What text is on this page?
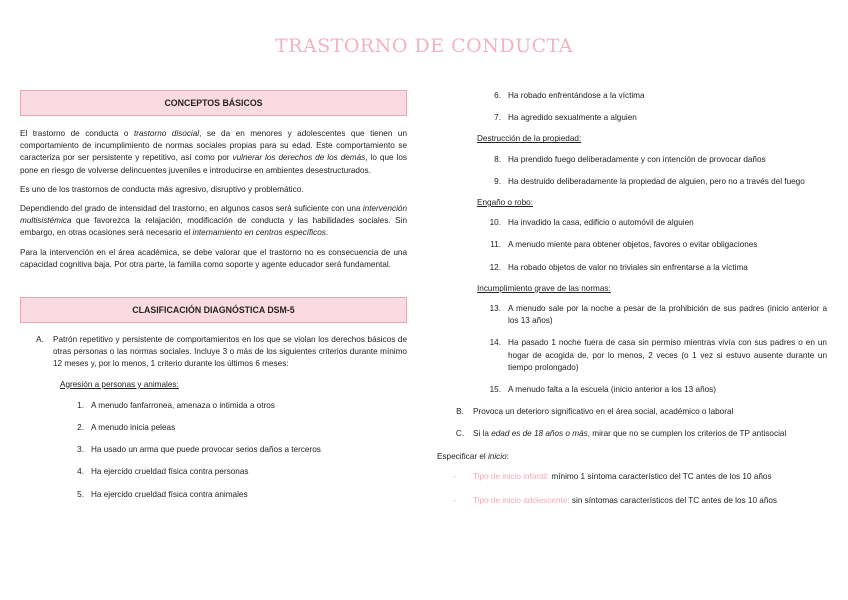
TRASTORNO DE CONDUCTA
CONCEPTOS BÁSICOS

El trastorno de conducta o trastorno disocial, se da en menores y adolescentes que tienen un comportamiento de incumplimiento de normas sociales propias para su edad. Este comportamiento se caracteriza por ser persistente y repetitivo, así como por vulnerar los derechos de los demás, lo que los pone en riesgo de volverse delincuentes juveniles e introducirse en ambientes desestructurados.

Es uno de los trastornos de conducta más agresivo, disruptivo y problemático.

Dependiendo del grado de intensidad del trastorno, en algunos casos será suficiente con una intervención multisistémica que favorezca la relajación, modificación de conducta y las habilidades sociales. Sin embargo, en otras ocasiones será necesario el internamiento en centros específicos.

Para la intervención en el área académica, se debe valorar que el trastorno no es consecuencia de una capacidad cognitiva baja. Por otra parte, la familia como soporte y agente educador será fundamental.

CLASIFICACIÓN DIAGNÓSTICA DSM-5
A.	Patrón repetitivo y persistente de comportamientos en los que se violan los derechos básicos de otras personas o las normas sociales. Incluye 3 o más de los siguientes criterios durante mínimo 12 meses y, por lo menos, 1 criterio durante los últimos 6 meses:
Agresión a personas y animales:
1. A menudo fanfarronea, amenaza o intimida a otros
2. A menudo inicia peleas
3. Ha usado un arma que puede provocar serios daños a terceros
4. Ha ejercido crueldad física contra personas
5. Ha ejercido crueldad física contra animales
6. Ha robado enfrentándose a la víctima
7. Ha agredido sexualmente a alguien
Destrucción de la propiedad:
8. Ha prendido fuego deliberadamente y con intención de provocar daños
9. Ha destruido deliberadamente la propiedad de alguien, pero no a través del fuego
Engaño o robo:
10. Ha invadido la casa, edificio o automóvil de alguien
11. A menudo miente para obtener objetos, favores o evitar obligaciones
12. Ha robado objetos de valor no triviales sin enfrentarse a la víctima
Incumplimiento grave de las normas:
13. A menudo sale por la noche a pesar de la prohibición de sus padres (inicio anterior a los 13 años)
14. Ha pasado 1 noche fuera de casa sin permiso mientras vivía con sus padres o en un hogar de acogida de, por lo menos, 2 veces (o 1 vez si estuvo ausente durante un tiempo prolongado)
15. A menudo falta a la escuela (inicio anterior a los 13 años)
B.	Provoca un deterioro significativo en el área social, académico o laboral
C.	Si la edad es de 18 años o más, mirar que no se cumplen los criterios de TP antisocial
Especificar el inicio:
-	Tipo de inicio infantil: mínimo 1 síntoma característico del TC antes de los 10 años
-	Tipo de inicio adolescente: sin síntomas característicos del TC antes de los 10 años
